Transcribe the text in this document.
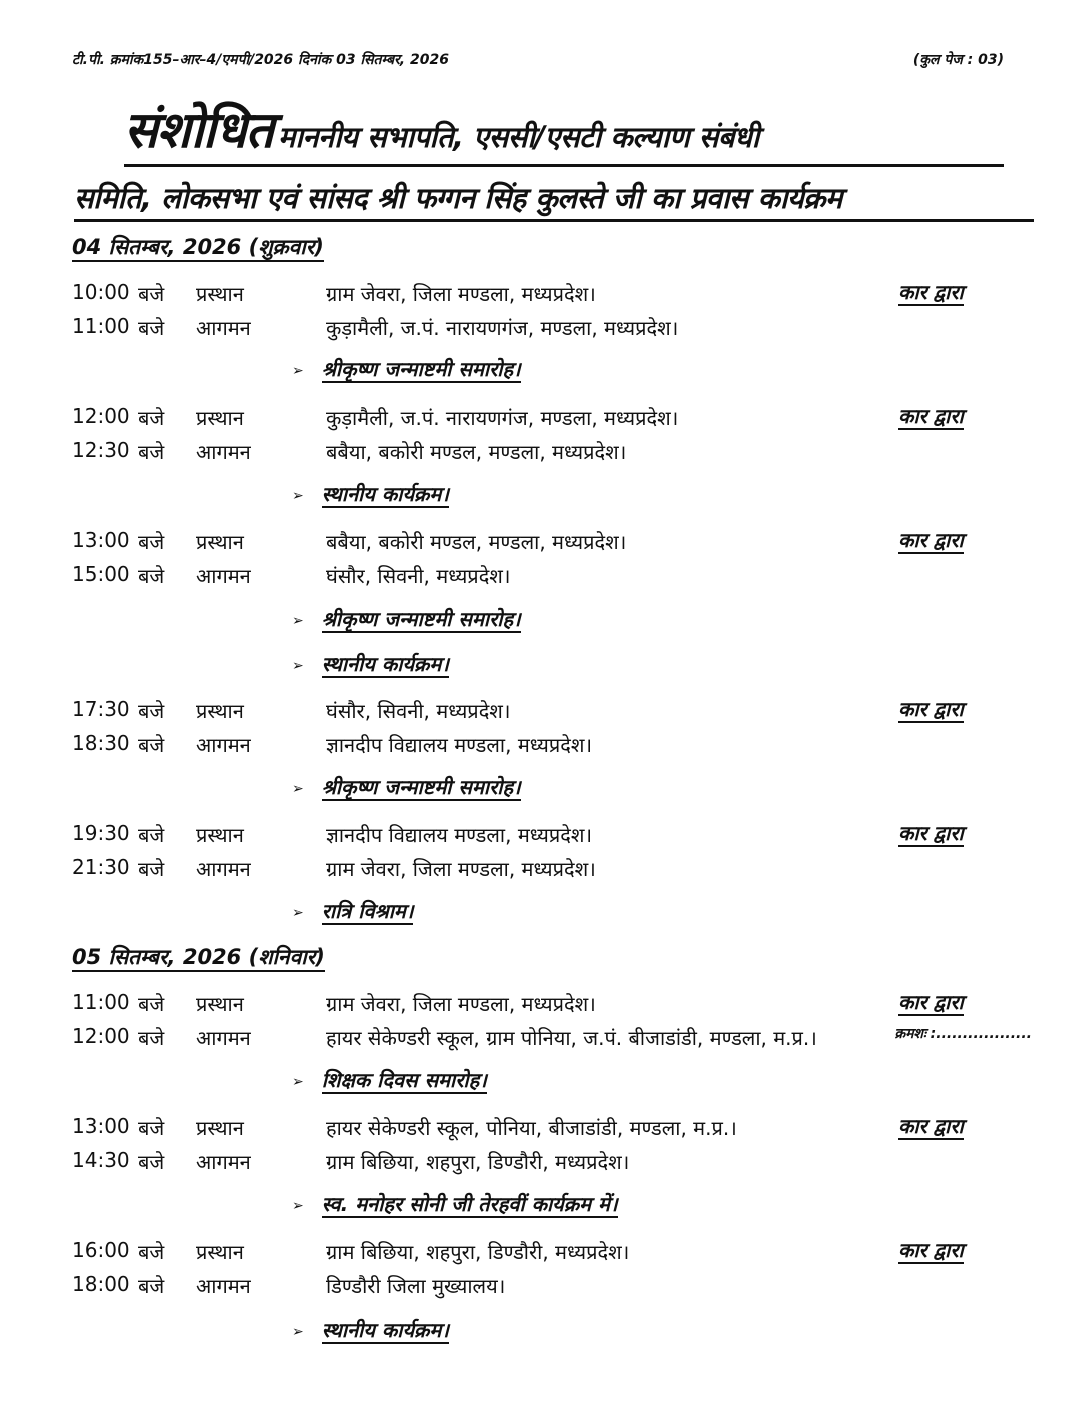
टी.पी. क्रमांक155–आर–4/एमपी/2026 दिनांक 03 सितम्बर, 2026	(कुल पेज : 03)
संशोधित माननीय सभापति, एससी/एसटी कल्याण संबंधी
समिति, लोकसभा एवं सांसद श्री फग्गन सिंह कुलस्ते जी का प्रवास कार्यक्रम
04 सितम्बर, 2026 (शुक्रवार)
10:00 बजे प्रस्थान	ग्राम जेवरा, जिला मण्डला, मध्यप्रदेश।	कार द्वारा
11:00 बजे आगमन	कुड़ामैली, ज.पं. नारायणगंज, मण्डला, मध्यप्रदेश।
➢ श्रीकृष्ण जन्माष्टमी समारोह।
12:00 बजे प्रस्थान	कुड़ामैली, ज.पं. नारायणगंज, मण्डला, मध्यप्रदेश।	कार द्वारा
12:30 बजे आगमन	बबैया, बकोरी मण्डल, मण्डला, मध्यप्रदेश।
➢ स्थानीय कार्यक्रम।
13:00 बजे प्रस्थान	बबैया, बकोरी मण्डल, मण्डला, मध्यप्रदेश।	कार द्वारा
15:00 बजे आगमन	घंसौर, सिवनी, मध्यप्रदेश।
➢ श्रीकृष्ण जन्माष्टमी समारोह।
➢ स्थानीय कार्यक्रम।
17:30 बजे प्रस्थान	घंसौर, सिवनी, मध्यप्रदेश।	कार द्वारा
18:30 बजे आगमन	ज्ञानदीप विद्यालय मण्डला, मध्यप्रदेश।
➢ श्रीकृष्ण जन्माष्टमी समारोह।
19:30 बजे प्रस्थान	ज्ञानदीप विद्यालय मण्डला, मध्यप्रदेश।	कार द्वारा
21:30 बजे आगमन	ग्राम जेवरा, जिला मण्डला, मध्यप्रदेश।
➢ रात्रि विश्राम।
05 सितम्बर, 2026 (शनिवार)
11:00 बजे प्रस्थान	ग्राम जेवरा, जिला मण्डला, मध्यप्रदेश।	कार द्वारा
12:00 बजे आगमन	हायर सेकेण्डरी स्कूल, ग्राम पोनिया, ज.पं. बीजाडांडी, मण्डला, म.प्र.।
➢ शिक्षक दिवस समारोह।
13:00 बजे प्रस्थान	हायर सेकेण्डरी स्कूल, पोनिया, बीजाडांडी, मण्डला, म.प्र.।	कार द्वारा
14:30 बजे आगमन	ग्राम बिछिया, शहपुरा, डिण्डौरी, मध्यप्रदेश।
➢ स्व. मनोहर सोनी जी तेरहवीं कार्यक्रम में।
16:00 बजे प्रस्थान	ग्राम बिछिया, शहपुरा, डिण्डौरी, मध्यप्रदेश।	कार द्वारा
18:00 बजे आगमन	डिण्डौरी जिला मुख्यालय।
➢ स्थानीय कार्यक्रम।
क्रमशः :..................
